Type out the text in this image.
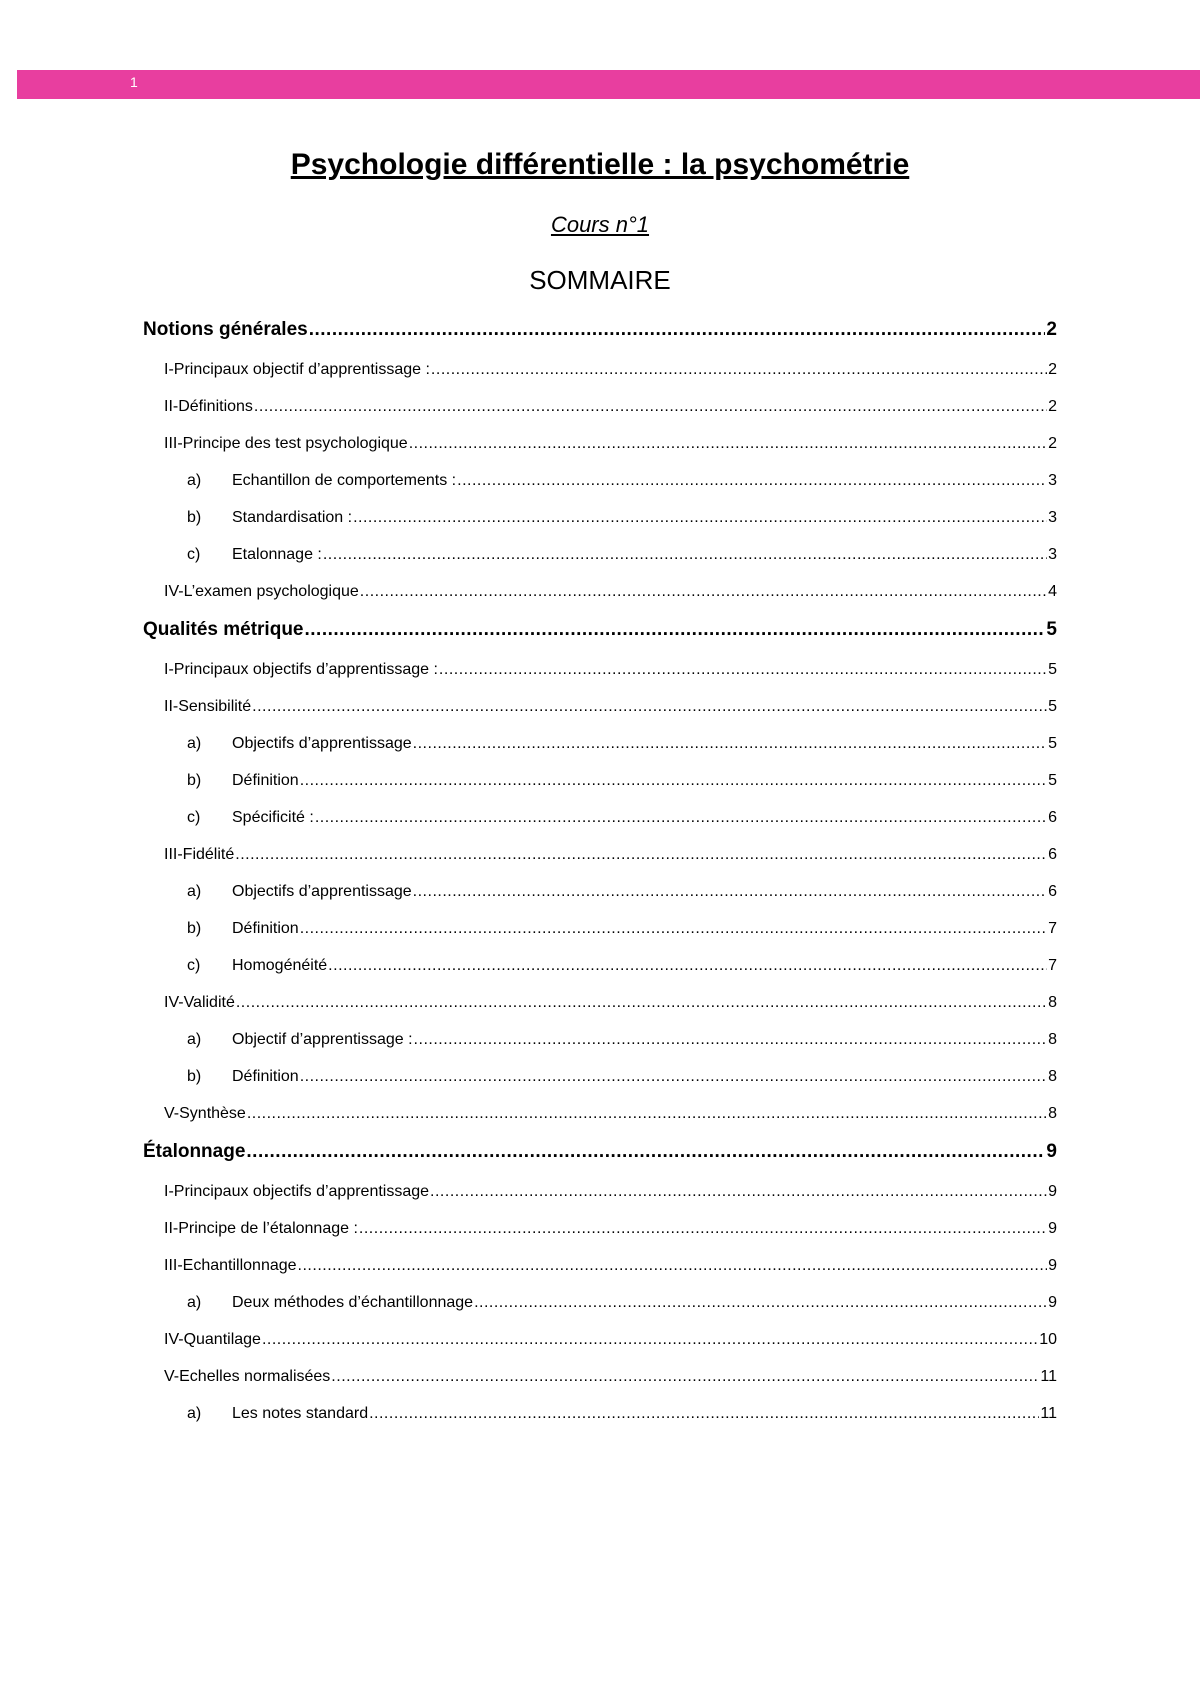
1
Psychologie différentielle : la psychométrie
Cours n°1
SOMMAIRE
Notions générales .....	2
I-Principaux objectif d’apprentissage : .....	2
II-Définitions .....	2
III-Principe des test psychologique .....	2
a) Echantillon de comportements : .....	3
b) Standardisation : .....	3
c) Etalonnage : .....	3
IV-L’examen psychologique .....	4
Qualités métrique .....	5
I-Principaux objectifs d’apprentissage : .....	5
II-Sensibilité .....	5
a) Objectifs d’apprentissage .....	5
b) Définition .....	5
c) Spécificité : .....	6
III-Fidélité .....	6
a) Objectifs d’apprentissage .....	6
b) Définition .....	7
c) Homogénéité .....	7
IV-Validité .....	8
a) Objectif d’apprentissage : .....	8
b) Définition .....	8
V-Synthèse .....	8
Étalonnage .....	9
I-Principaux objectifs d’apprentissage .....	9
II-Principe de l’étalonnage : .....	9
III-Echantillonnage .....	9
a) Deux méthodes d’échantillonnage .....	9
IV-Quantilage .....	10
V-Echelles normalisées .....	11
a) Les notes standard .....	11
